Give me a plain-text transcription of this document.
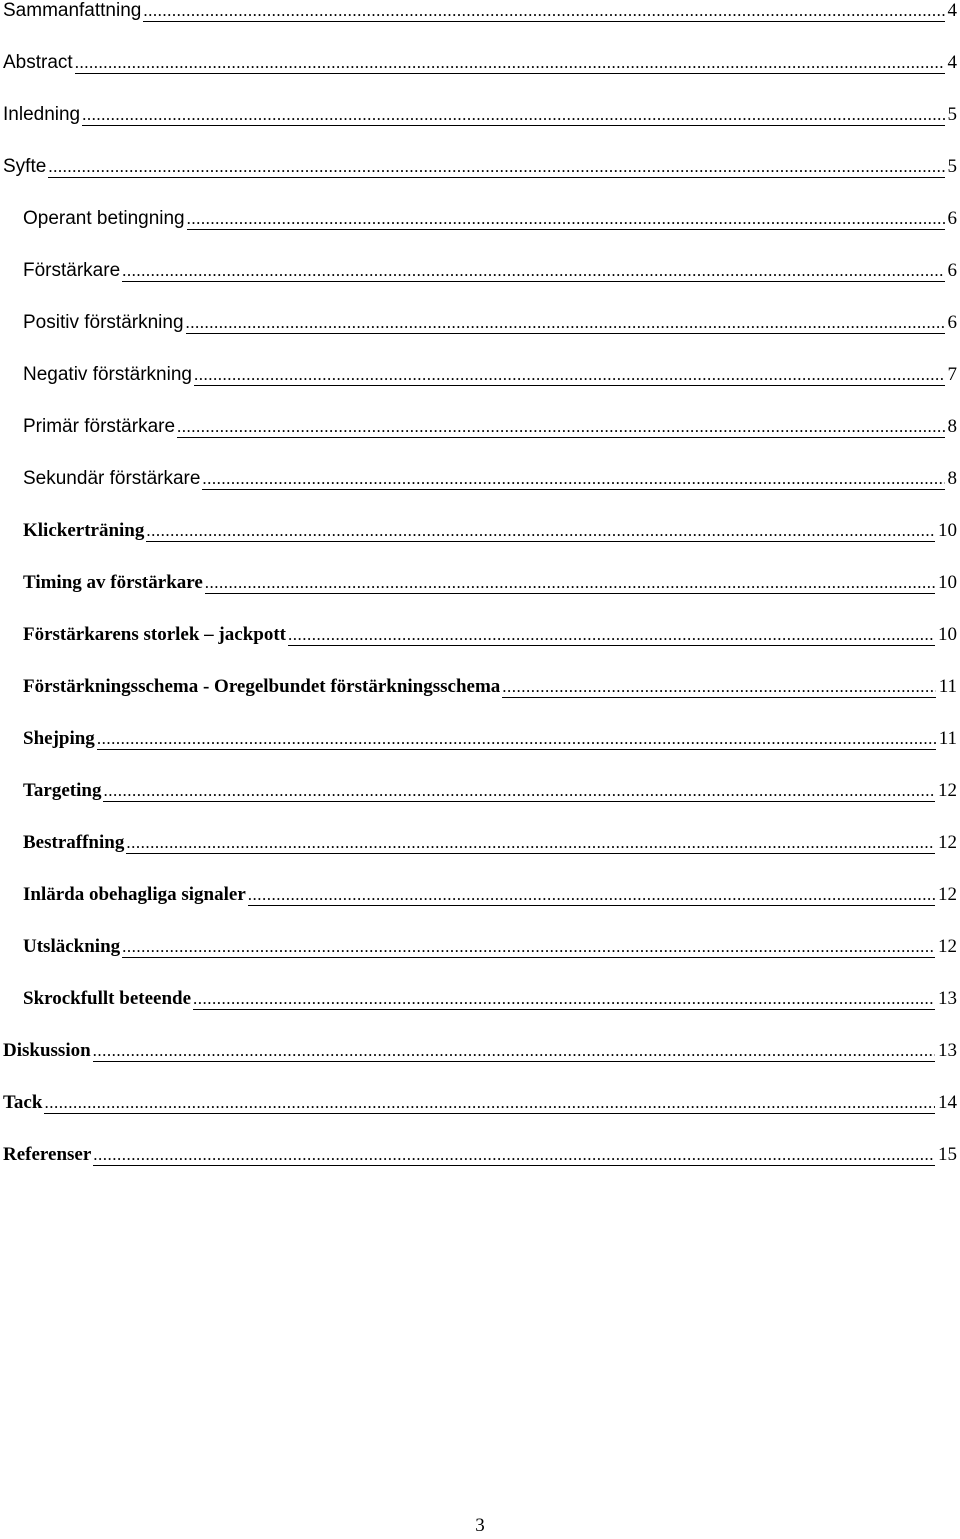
Sammanfattning .....	4
Abstract .....	4
Inledning .....	5
Syfte .....	5
Operant betingning .....	6
Förstärkare .....	6
Positiv förstärkning .....	6
Negativ förstärkning .....	7
Primär förstärkare .....	8
Sekundär förstärkare .....	8
Klickerträning .....	10
Timing av förstärkare .....	10
Förstärkarens storlek – jackpott .....	10
Förstärkningsschema - Oregelbundet förstärkningsschema .....	11
Shejping .....	11
Targeting .....	12
Bestraffning .....	12
Inlärda obehagliga signaler .....	12
Utsläckning .....	12
Skrockfullt beteende .....	13
Diskussion .....	13
Tack .....	14
Referenser .....	15
3
